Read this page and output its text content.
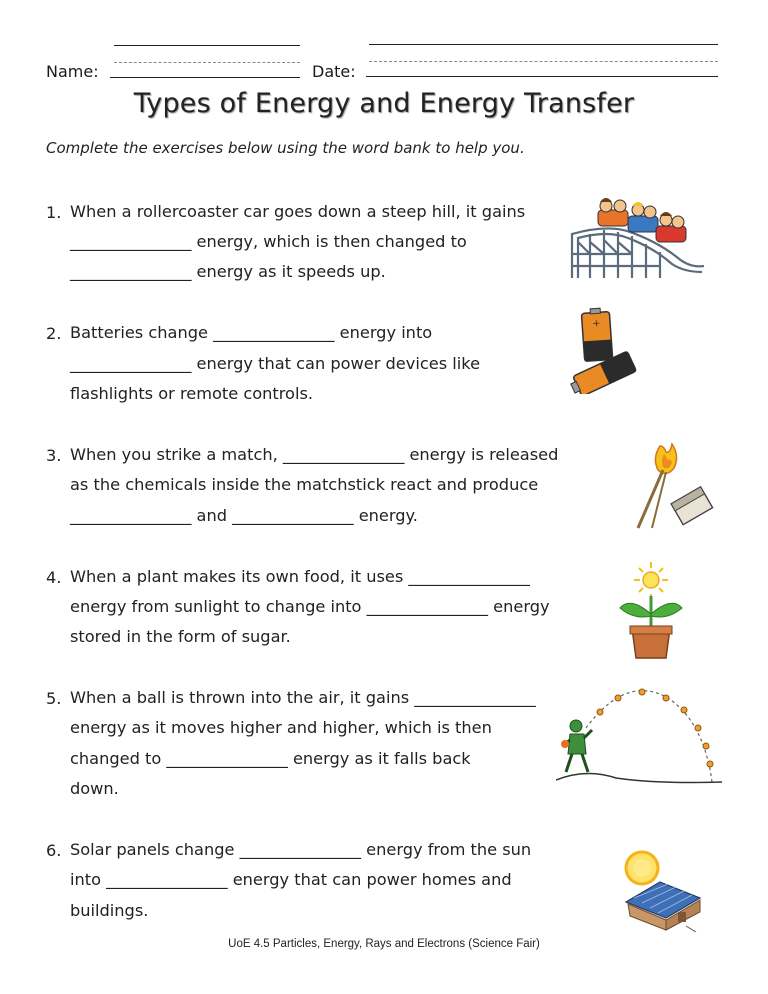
Name:	Date:
Types of Energy and Energy Transfer
Complete the exercises below using the word bank to help you.
1. When a rollercoaster car goes down a steep hill, it gains
_______________ energy, which is then changed to
_______________ energy as it speeds up.
2. Batteries change _______________ energy into
_______________ energy that can power devices like
flashlights or remote controls.
3. When you strike a match, _______________ energy is released
as the chemicals inside the matchstick react and produce
_______________ and _______________ energy.
4. When a plant makes its own food, it uses _______________
energy from sunlight to change into _______________ energy
stored in the form of sugar.
5. When a ball is thrown into the air, it gains _______________
energy as it moves higher and higher, which is then
changed to _______________ energy as it falls back
down.
6. Solar panels change _______________ energy from the sun
into _______________ energy that can power homes and
buildings.
UoE 4.5 Particles, Energy, Rays and Electrons (Science Fair)
+
